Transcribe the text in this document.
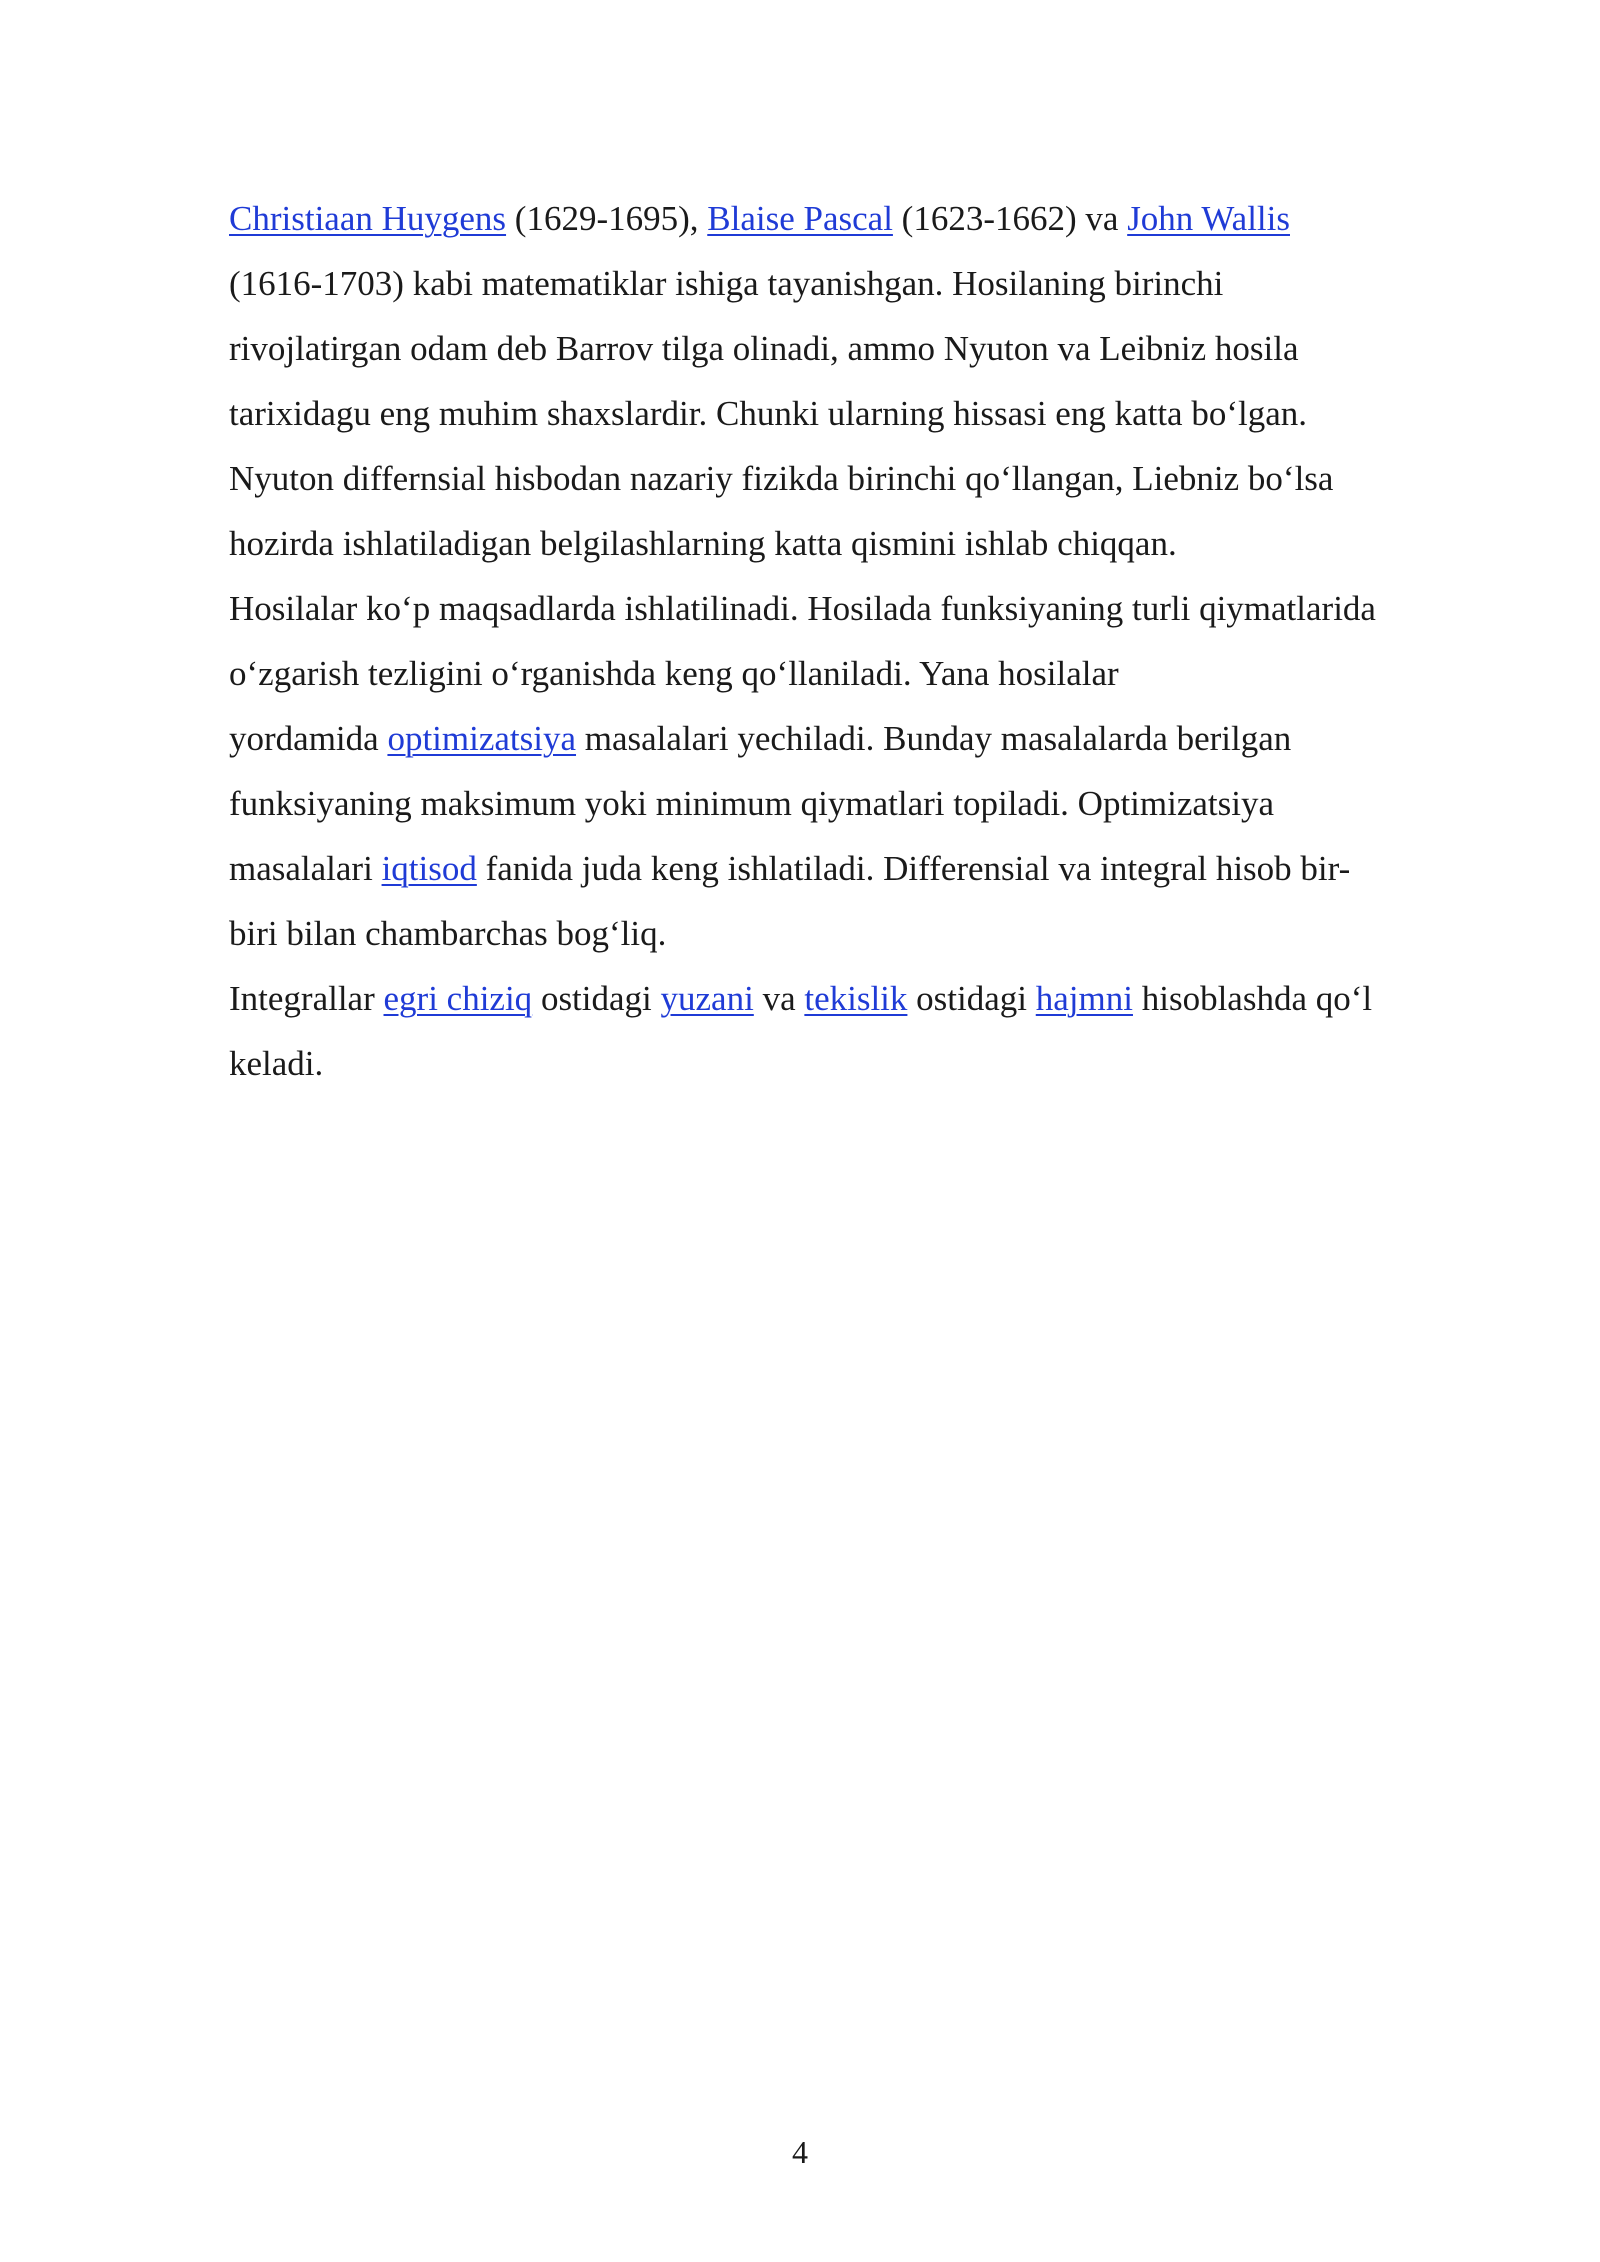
Christiaan Huygens (1629-1695), Blaise Pascal (1623-1662) va John Wallis
(1616-1703) kabi matematiklar ishiga tayanishgan. Hosilaning birinchi
rivojlatirgan odam deb Barrov tilga olinadi, ammo Nyuton va Leibniz hosila
tarixidagu eng muhim shaxslardir. Chunki ularning hissasi eng katta bo‘lgan.
Nyuton differnsial hisbodan nazariy fizikda birinchi qo‘llangan, Liebniz bo‘lsa
hozirda ishlatiladigan belgilashlarning katta qismini ishlab chiqqan.
Hosilalar ko‘p maqsadlarda ishlatilinadi. Hosilada funksiyaning turli qiymatlarida
o‘zgarish tezligini o‘rganishda keng qo‘llaniladi. Yana hosilalar
yordamida optimizatsiya masalalari yechiladi. Bunday masalalarda berilgan
funksiyaning maksimum yoki minimum qiymatlari topiladi. Optimizatsiya
masalalari iqtisod fanida juda keng ishlatiladi. Differensial va integral hisob bir-
biri bilan chambarchas bog‘liq.
Integrallar egri chiziq ostidagi yuzani va tekislik ostidagi hajmni hisoblashda qo‘l
keladi.
4
